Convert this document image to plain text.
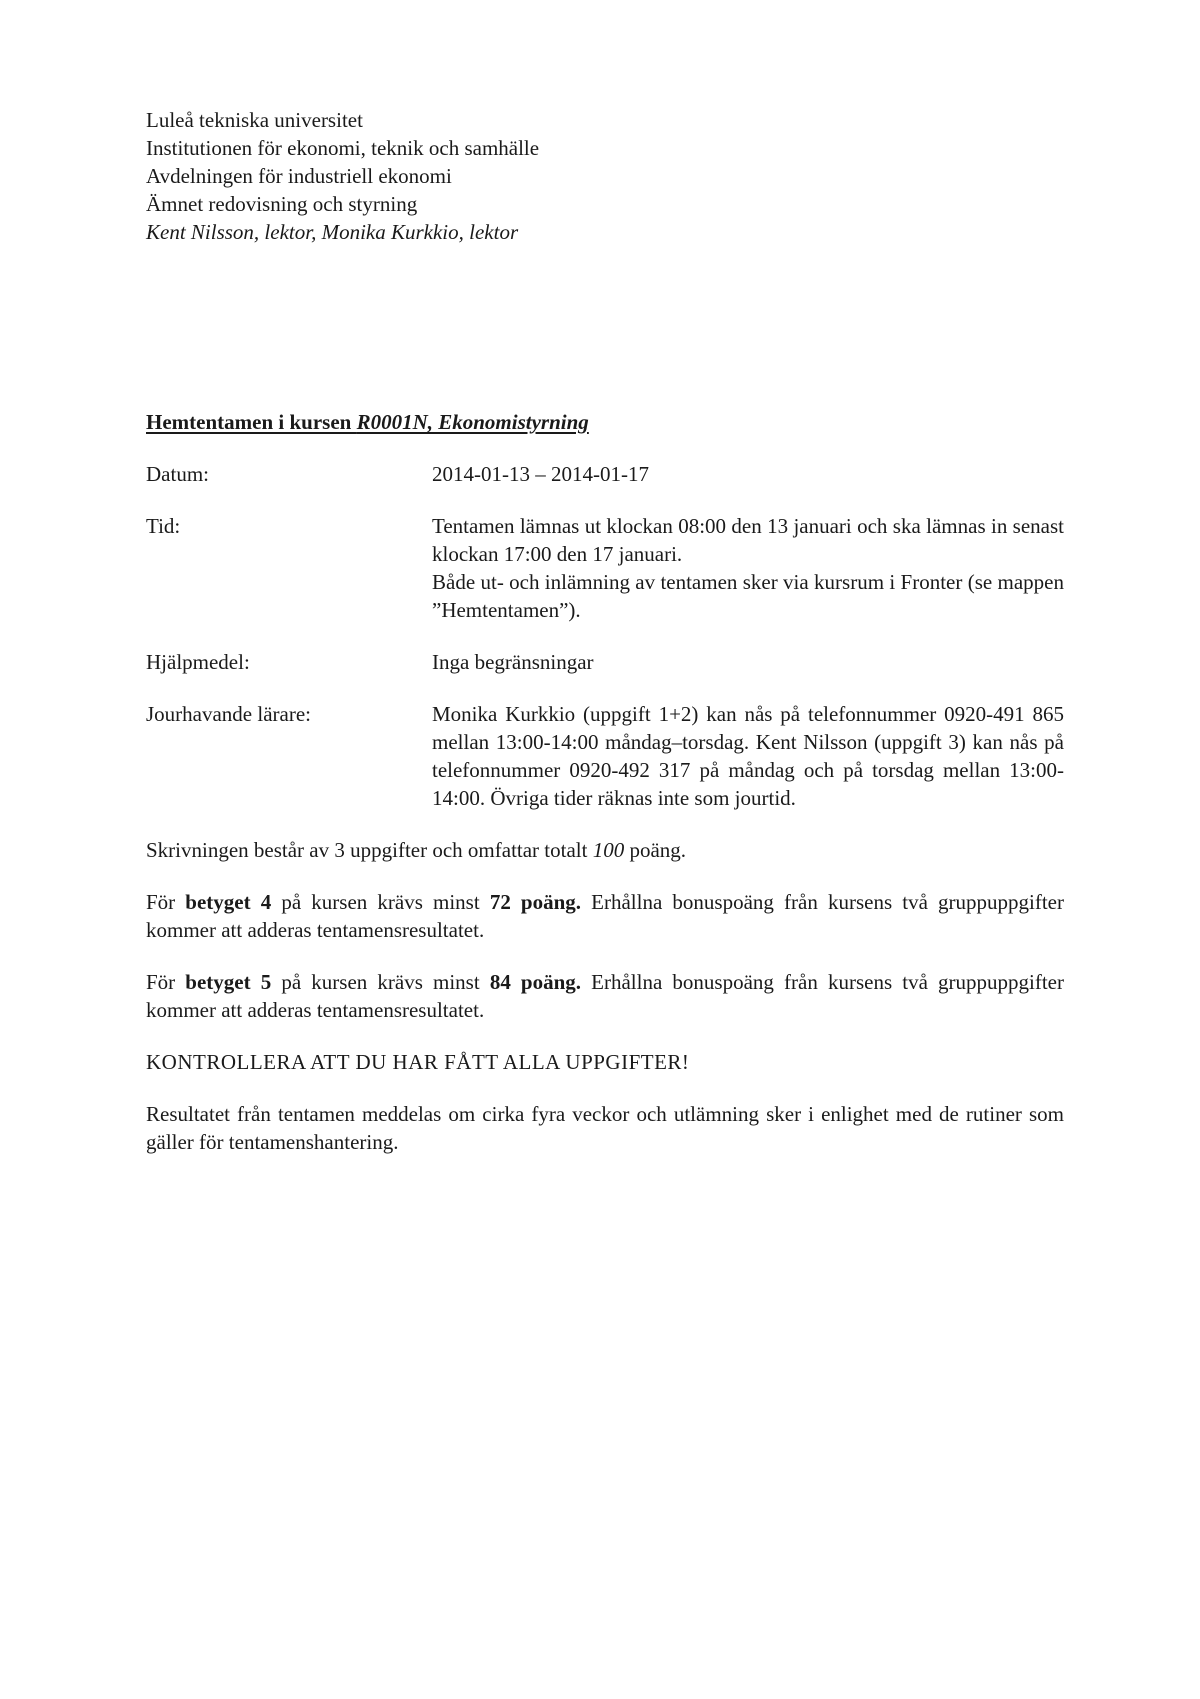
Luleå tekniska universitet
Institutionen för ekonomi, teknik och samhälle
Avdelningen för industriell ekonomi
Ämnet redovisning och styrning
Kent Nilsson, lektor, Monika Kurkkio, lektor
Hemtentamen i kursen R0001N, Ekonomistyrning
Datum:	2014-01-13 – 2014-01-17
Tid:	Tentamen lämnas ut klockan 08:00 den 13 januari och ska lämnas in senast klockan 17:00 den 17 januari.
Både ut- och inlämning av tentamen sker via kursrum i Fronter (se mappen ”Hemtentamen”).
Hjälpmedel:	Inga begränsningar
Jourhavande lärare:	Monika Kurkkio (uppgift 1+2) kan nås på telefonnummer 0920-491 865 mellan 13:00-14:00 måndag–torsdag. Kent Nilsson (uppgift 3) kan nås på telefonnummer 0920-492 317 på måndag och på torsdag mellan 13:00-14:00. Övriga tider räknas inte som jourtid.
Skrivningen består av 3 uppgifter och omfattar totalt 100 poäng.
För betyget 4 på kursen krävs minst 72 poäng. Erhållna bonuspoäng från kursens två gruppuppgifter kommer att adderas tentamensresultatet.
För betyget 5 på kursen krävs minst 84 poäng. Erhållna bonuspoäng från kursens två gruppuppgifter kommer att adderas tentamensresultatet.
KONTROLLERA ATT DU HAR FÅTT ALLA UPPGIFTER!
Resultatet från tentamen meddelas om cirka fyra veckor och utlämning sker i enlighet med de rutiner som gäller för tentamenshantering.
